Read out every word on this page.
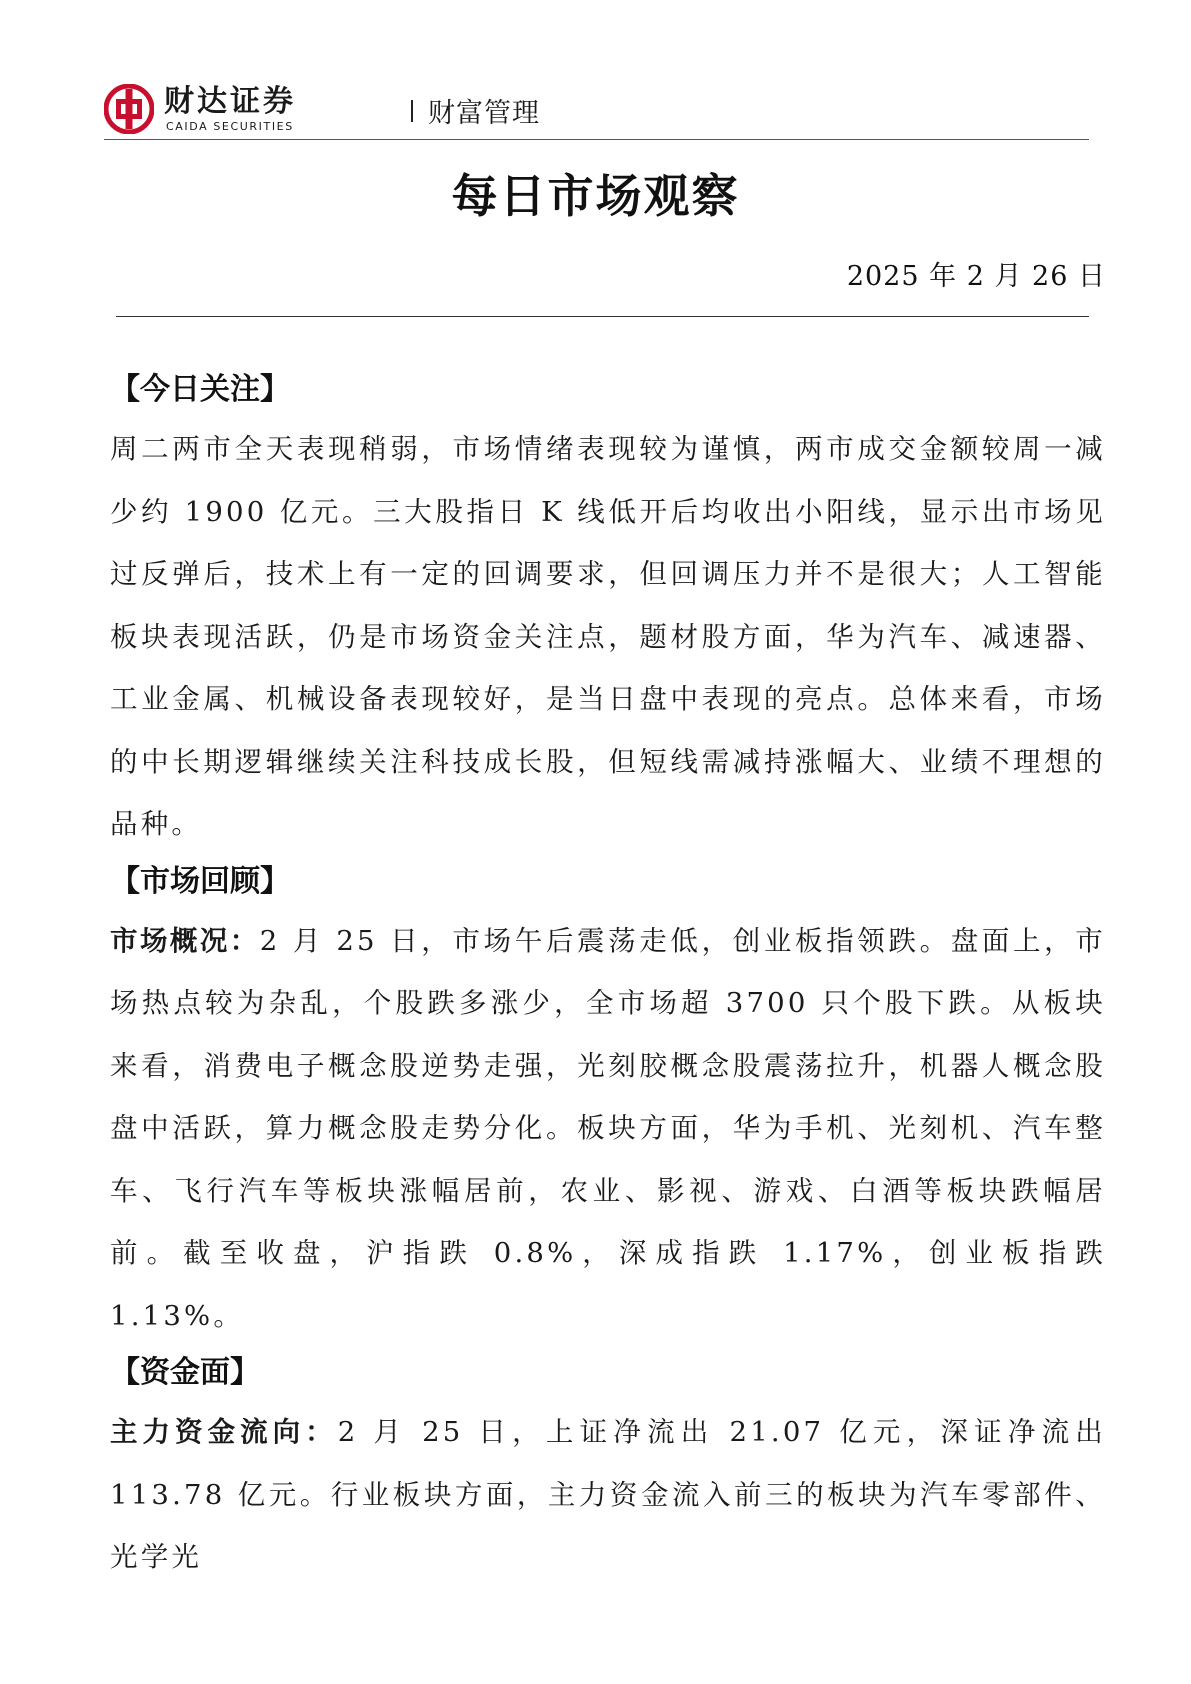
财达证券
CAIDA SECURITIES	财富管理
每日市场观察
2025 年 2 月 26 日
【今日关注】

周二两市全天表现稍弱，市场情绪表现较为谨慎，两市成交金额较周一减少约 1900 亿元。三大股指日 K 线低开后均收出小阳线，显示出市场见过反弹后，技术上有一定的回调要求，但回调压力并不是很大；人工智能板块表现活跃，仍是市场资金关注点，题材股方面，华为汽车、减速器、工业金属、机械设备表现较好，是当日盘中表现的亮点。总体来看，市场的中长期逻辑继续关注科技成长股，但短线需减持涨幅大、业绩不理想的品种。

【市场回顾】

市场概况：2 月 25 日，市场午后震荡走低，创业板指领跌。盘面上，市场热点较为杂乱，个股跌多涨少，全市场超 3700 只个股下跌。从板块来看，消费电子概念股逆势走强，光刻胶概念股震荡拉升，机器人概念股盘中活跃，算力概念股走势分化。板块方面，华为手机、光刻机、汽车整车、飞行汽车等板块涨幅居前，农业、影视、游戏、白酒等板块跌幅居前。截至收盘，沪指跌 0.8%，深成指跌 1.17%，创业板指跌 1.13%。

【资金面】

主力资金流向：2 月 25 日，上证净流出 21.07 亿元，深证净流出 113.78 亿元。行业板块方面，主力资金流入前三的板块为汽车零部件、光学光
